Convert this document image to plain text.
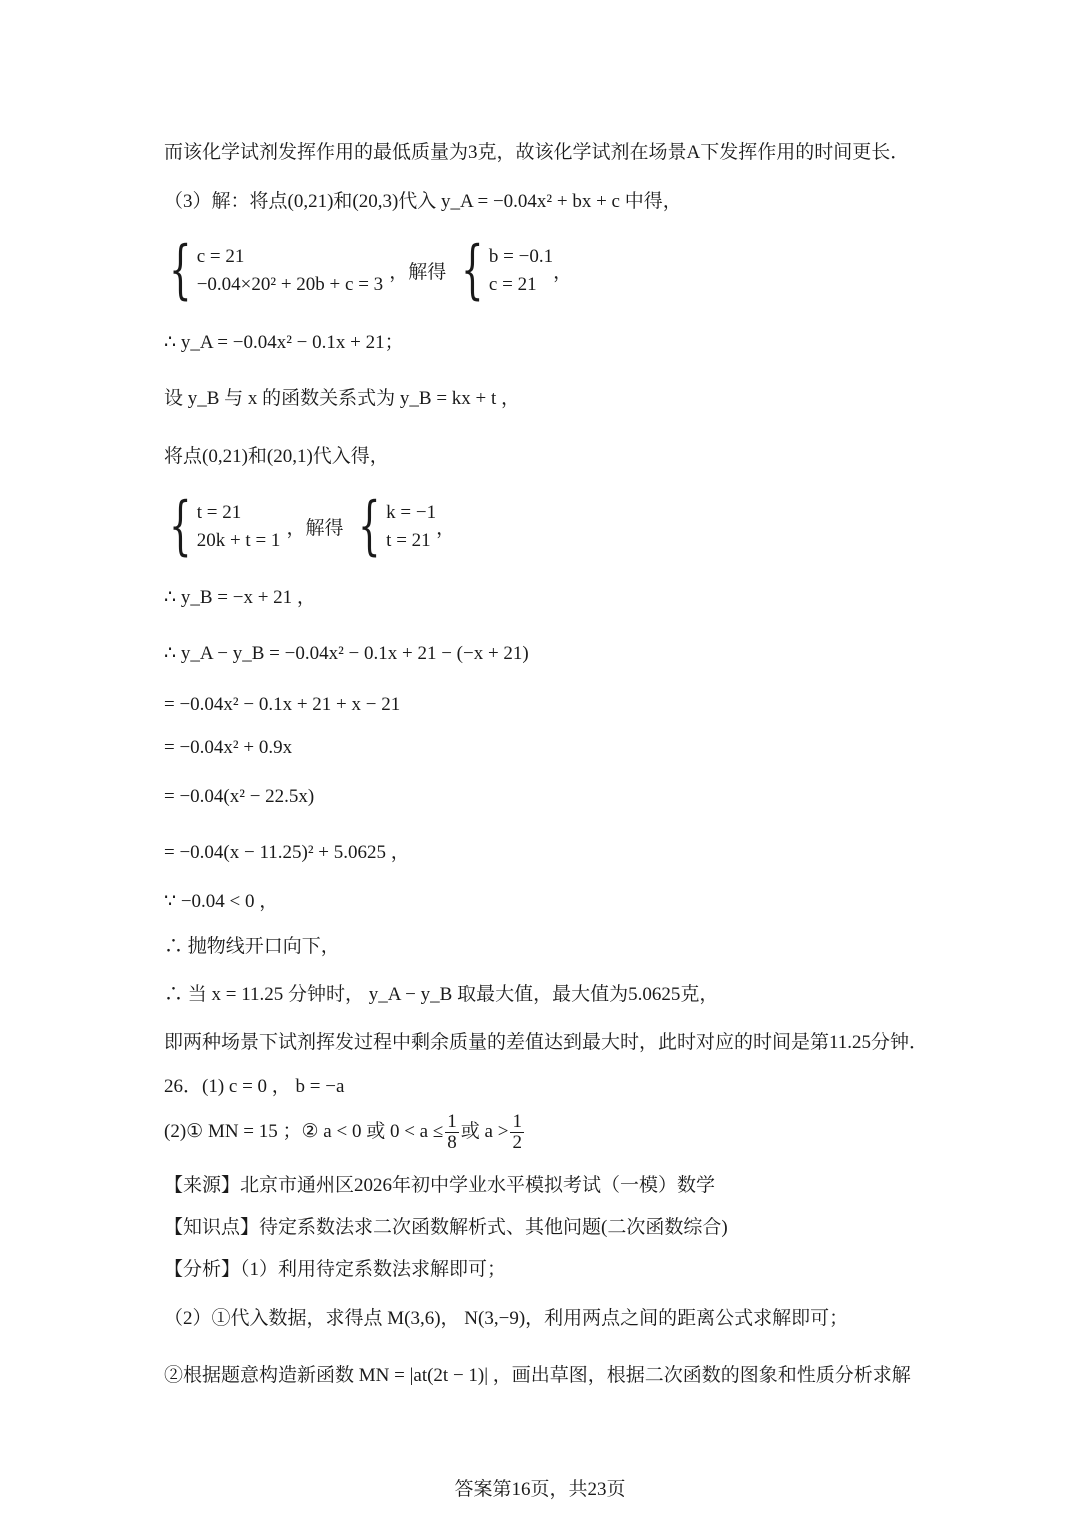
而该化学试剂发挥作用的最低质量为3克，故该化学试剂在场景A下发挥作用的时间更长．
（3）解：将点(0,21)和(20,3)代入 y_A = −0.04x² + bx + c 中得，
{ c = 21
−0.04×20² + 20b + c = 3
，解得 { b = −0.1
c = 21
，
∴ y_A = −0.04x² − 0.1x + 21；
设 y_B 与 x 的函数关系式为 y_B = kx + t ，
将点(0,21)和(20,1)代入得，
{ t = 21
20k + t = 1
，解得 { k = −1
t = 21
，
∴ y_B = −x + 21 ，
∴ y_A − y_B = −0.04x² − 0.1x + 21 − (−x + 21)
= −0.04x² − 0.1x + 21 + x − 21
= −0.04x² + 0.9x
= −0.04(x² − 22.5x)
= −0.04(x − 11.25)² + 5.0625 ，
∵ −0.04 < 0 ，
∴ 抛物线开口向下，
∴ 当 x = 11.25 分钟时， y_A − y_B 取最大值，最大值为5.0625克，
即两种场景下试剂挥发过程中剩余质量的差值达到最大时，此时对应的时间是第11.25分钟．
26．(1) c = 0 ， b = −a
(2)① MN = 15 ；② a < 0 或 $0 < a \le \frac{1}{8}$ 或 $a > \frac{1}{2}$
【来源】北京市通州区2026年初中学业水平模拟考试（一模）数学
【知识点】待定系数法求二次函数解析式、其他问题(二次函数综合)
【分析】（1）利用待定系数法求解即可；
（2）①代入数据，求得点 M(3,6)， N(3,−9)，利用两点之间的距离公式求解即可；
②根据题意构造新函数 MN = |at(2t − 1)| ，画出草图，根据二次函数的图象和性质分析求解
答案第16页，共23页
